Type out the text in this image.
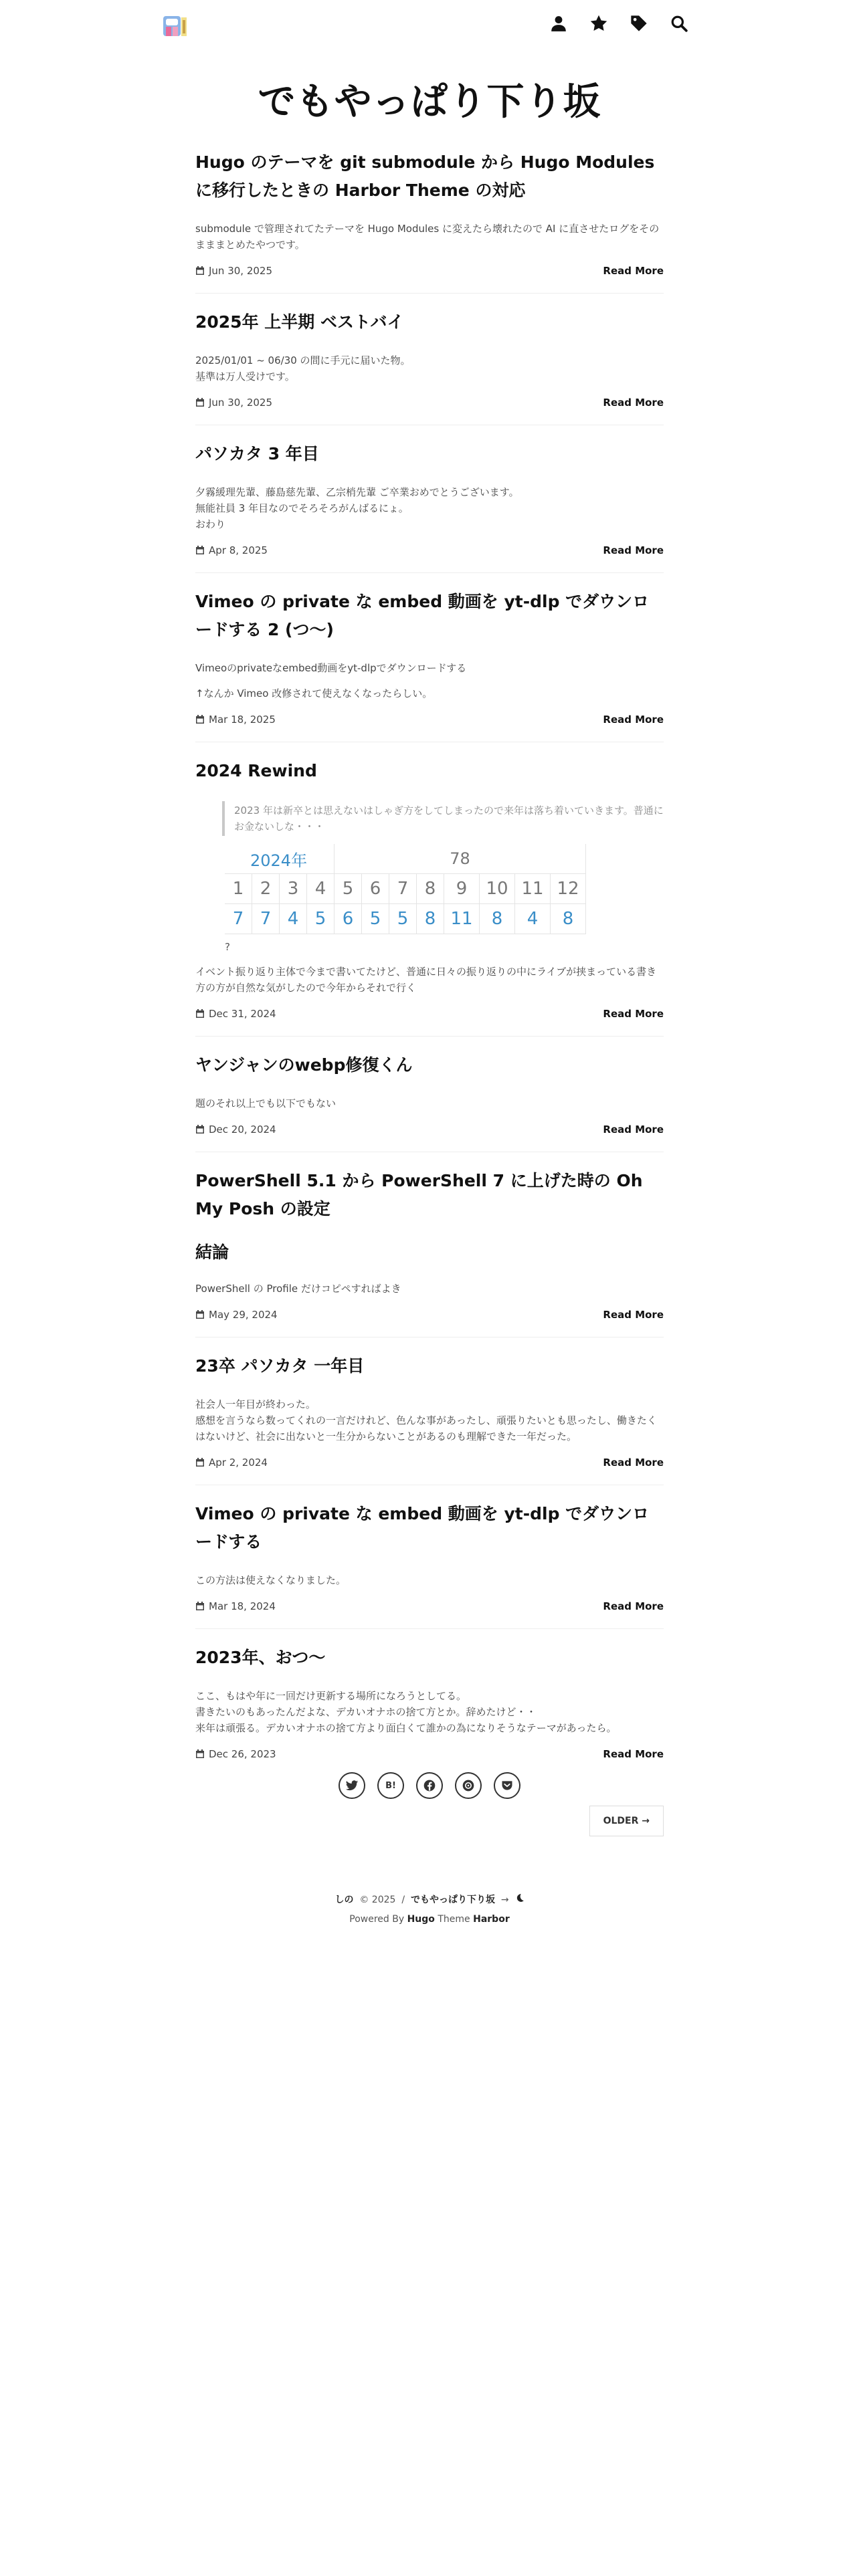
でもやっぱり下り坂
Hugo のテーマを git submodule から Hugo Modules に移行したときの Harbor Theme の対応

submodule で管理されてたテーマを Hugo Modules に変えたら壊れたので AI に直させたログをそのまままとめたやつです。

Jun 30, 2025	Read More
2025年 上半期 ベストバイ

2025/01/01 ~ 06/30 の間に手元に届いた物。
基準は万人受けです。

Jun 30, 2025	Read More
パソカタ 3 年目

夕霧緩理先輩、藤島慈先輩、乙宗梢先輩 ご卒業おめでとうございます。
無能社員 3 年目なのでそろそろがんばるにょ。
おわり

Apr 8, 2025	Read More
Vimeo の private な embed 動画を yt-dlp でダウンロードする 2 (つ〜)

Vimeoのprivateなembed動画をyt-dlpでダウンロードする

↑なんか Vimeo 改修されて使えなくなったらしい。

Mar 18, 2025	Read More
2024 Rewind
2023 年は新卒とは思えないはしゃぎ方をしてしまったので来年は落ち着いていきます。普通にお金ないしな・・・
2024年				78							
1	2	3	4	5	6	7	8	9	10	11	12
7	7	4	5	6	5	5	8	11	8	4	8
?

イベント振り返り主体で今まで書いてたけど、普通に日々の振り返りの中にライブが挟まっている書き方の方が自然な気がしたので今年からそれで行く

Dec 31, 2024	Read More
ヤンジャンのwebp修復くん

題のそれ以上でも以下でもない

Dec 20, 2024	Read More
PowerShell 5.1 から PowerShell 7 に上げた時の Oh My Posh の設定
結論

PowerShell の Profile だけコピペすればよき

May 29, 2024	Read More
23卒 パソカタ 一年目

社会人一年目が終わった。
感想を言うなら数ってくれの一言だけれど、色んな事があったし、頑張りたいとも思ったし、働きたくはないけど、社会に出ないと一生分からないことがあるのも理解できた一年だった。

Apr 2, 2024	Read More
Vimeo の private な embed 動画を yt-dlp でダウンロードする

この方法は使えなくなりました。

Mar 18, 2024	Read More
2023年、おつ〜

ここ、もはや年に一回だけ更新する場所になろうとしてる。
書きたいのもあったんだよな、デカいオナホの捨て方とか。辞めたけど・・
来年は頑張る。デカいオナホの捨て方より面白くて誰かの為になりそうなテーマがあったら。

Dec 26, 2023	Read More
OLDER →
B!
しの © 2025 / でもやっぱり下り坂 →
Powered By Hugo Theme Harbor
